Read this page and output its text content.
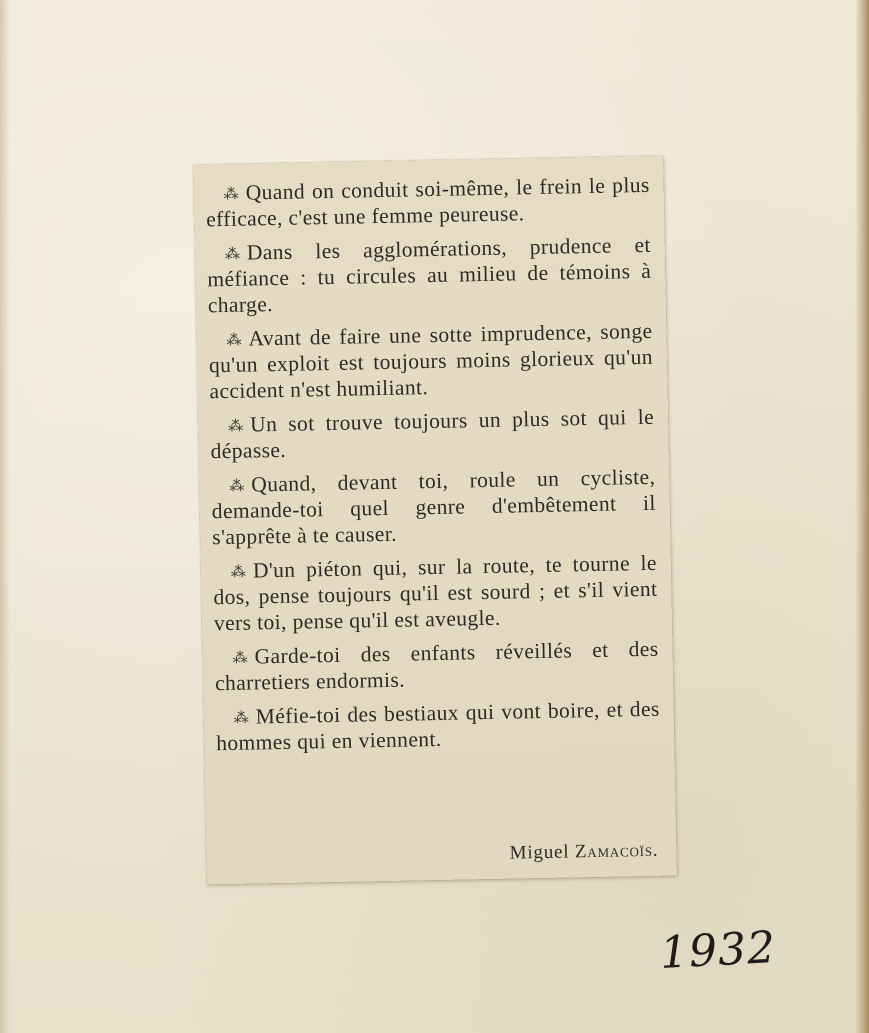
⁂ Quand on conduit soi-même, le frein le plus efficace, c'est une femme peureuse.

⁂ Dans les agglomérations, prudence et méfiance : tu circules au milieu de témoins à charge.

⁂ Avant de faire une sotte imprudence, songe qu'un exploit est toujours moins glorieux qu'un accident n'est humiliant.

⁂ Un sot trouve toujours un plus sot qui le dépasse.

⁂ Quand, devant toi, roule un cycliste, demande-toi quel genre d'embêtement il s'apprête à te causer.

⁂ D'un piéton qui, sur la route, te tourne le dos, pense toujours qu'il est sourd ; et s'il vient vers toi, pense qu'il est aveugle.

⁂ Garde-toi des enfants réveillés et des charretiers endormis.

⁂ Méfie-toi des bestiaux qui vont boire, et des hommes qui en viennent.

Miguel Zamacoïs.
1932
